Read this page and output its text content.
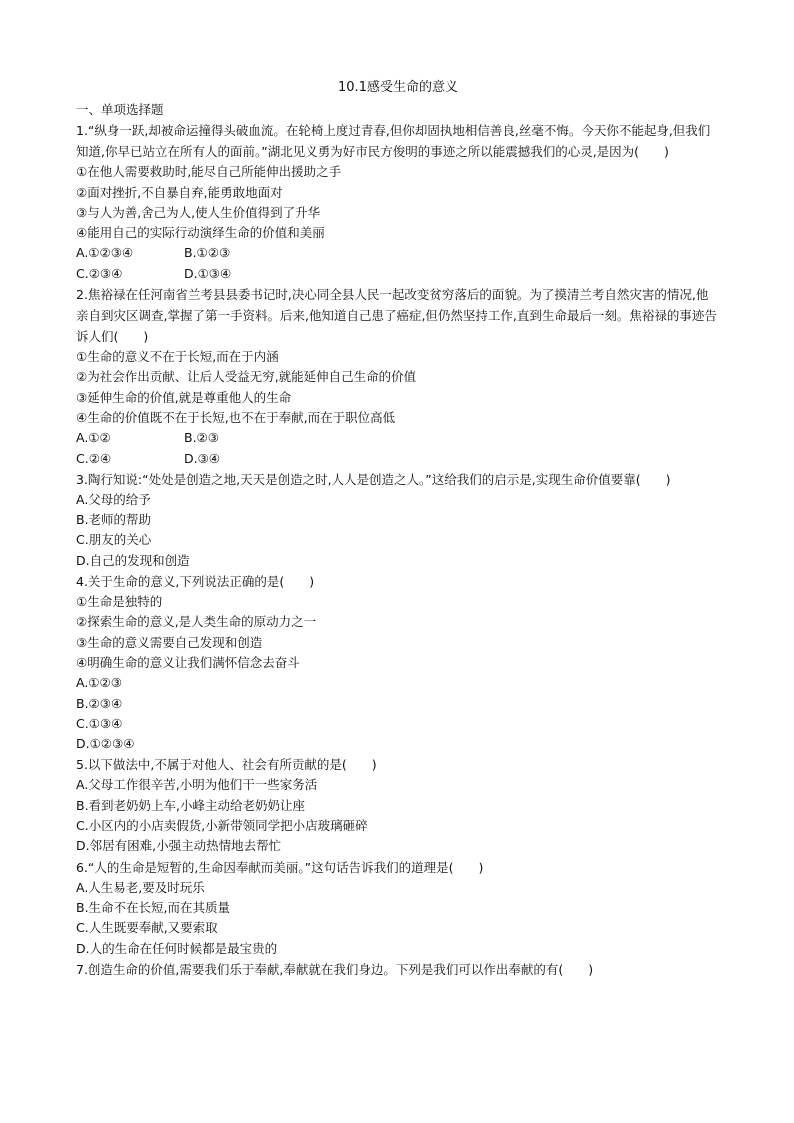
10.1感受生命的意义
一、单项选择题
1.“纵身一跃,却被命运撞得头破血流。在轮椅上度过青春,但你却固执地相信善良,丝毫不悔。今天你不能起身,但我们知道,你早已站立在所有人的面前。”湖北见义勇为好市民方俊明的事迹之所以能震撼我们的心灵,是因为(　　)
①在他人需要救助时,能尽自己所能伸出援助之手
②面对挫折,不自暴自弃,能勇敢地面对
③与人为善,舍己为人,使人生价值得到了升华
④能用自己的实际行动演绎生命的价值和美丽
A.①②③④	B.①②③
C.②③④	D.①③④
2.焦裕禄在任河南省兰考县县委书记时,决心同全县人民一起改变贫穷落后的面貌。为了摸清兰考自然灾害的情况,他亲自到灾区调查,掌握了第一手资料。后来,他知道自己患了癌症,但仍然坚持工作,直到生命最后一刻。焦裕禄的事迹告诉人们(　　)
①生命的意义不在于长短,而在于内涵
②为社会作出贡献、让后人受益无穷,就能延伸自己生命的价值
③延伸生命的价值,就是尊重他人的生命
④生命的价值既不在于长短,也不在于奉献,而在于职位高低
A.①②	B.②③
C.②④	D.③④
3.陶行知说:“处处是创造之地,天天是创造之时,人人是创造之人。”这给我们的启示是,实现生命价值要靠(　　)
A.父母的给予
B.老师的帮助
C.朋友的关心
D.自己的发现和创造
4.关于生命的意义,下列说法正确的是(　　)
①生命是独特的
②探索生命的意义,是人类生命的原动力之一
③生命的意义需要自己发现和创造
④明确生命的意义让我们满怀信念去奋斗
A.①②③
B.②③④
C.①③④
D.①②③④
5.以下做法中,不属于对他人、社会有所贡献的是(　　)
A.父母工作很辛苦,小明为他们干一些家务活
B.看到老奶奶上车,小峰主动给老奶奶让座
C.小区内的小店卖假货,小新带领同学把小店玻璃砸碎
D.邻居有困难,小强主动热情地去帮忙
6.“人的生命是短暂的,生命因奉献而美丽。”这句话告诉我们的道理是(　　)
A.人生易老,要及时玩乐
B.生命不在长短,而在其质量
C.人生既要奉献,又要索取
D.人的生命在任何时候都是最宝贵的
7.创造生命的价值,需要我们乐于奉献,奉献就在我们身边。下列是我们可以作出奉献的有(　　)
